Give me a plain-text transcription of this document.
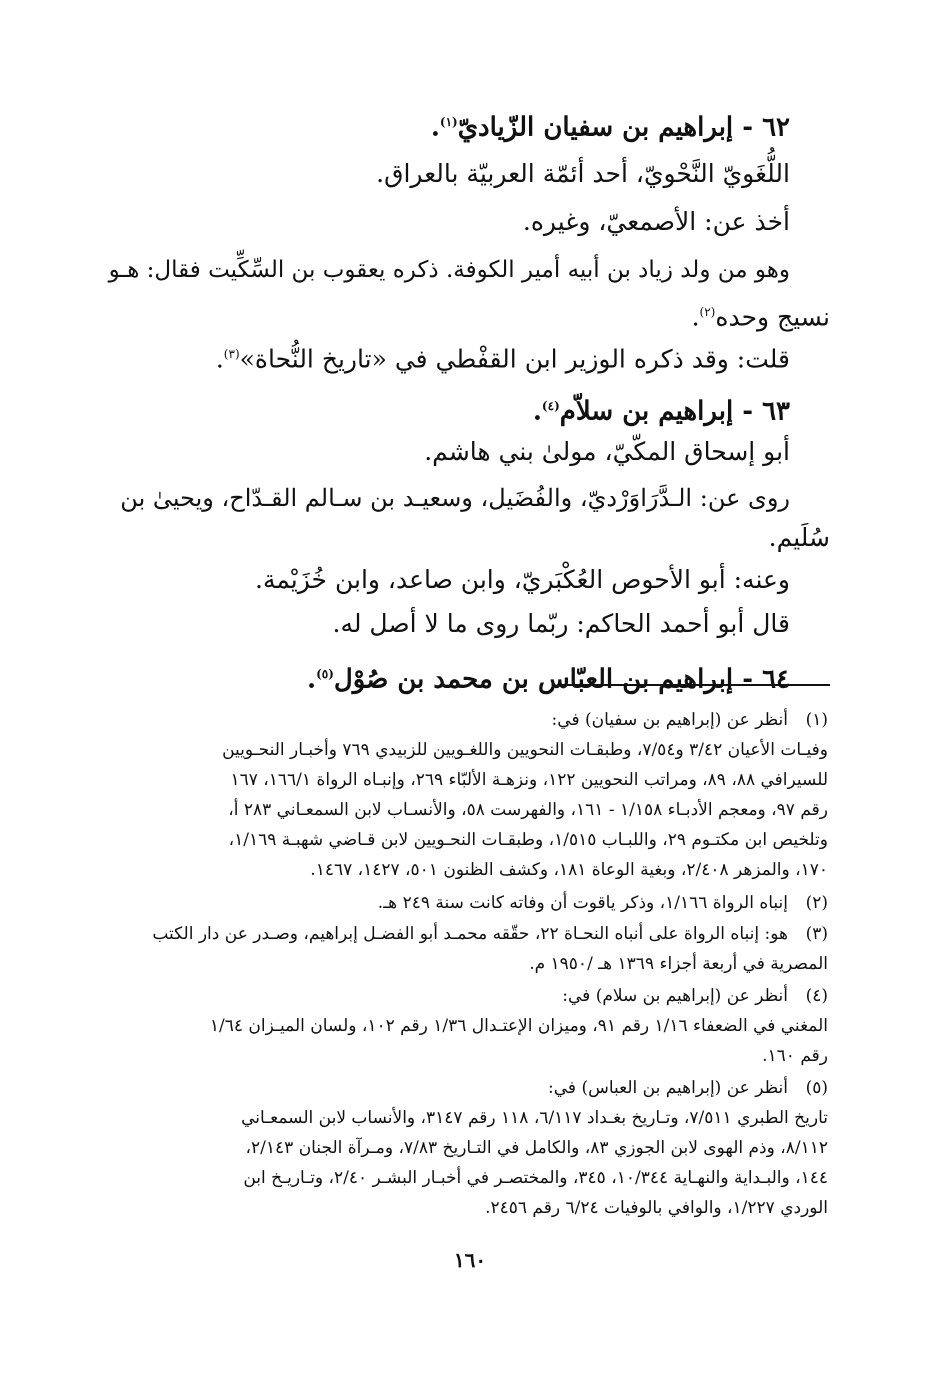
٦٢ - إبراهيم بن سفيان الزّياديّ$^{(١)}$.
اللُّغَويّ النَّحْويّ، أحد أئمّة العربيّة بالعراق.
أخذ عن: الأصمعيّ، وغيره.
وهو من ولد زياد بن أبيه أمير الكوفة. ذكره يعقوب بن السِّكِّيت فقال: هـو
نسيج وحده$^{(٢)}$.
قلت: وقد ذكره الوزير ابن القفْطي في «تاريخ النُّحاة»$^{(٣)}$.
٦٣ - إبراهيم بن سلاّم$^{(٤)}$.
أبو إسحاق المكّيّ، مولىٰ بني هاشم.
روى عن: الـدَّرَاوَرْديّ، والفُضَيل، وسعيـد بن سـالم القـدّاح، ويحيىٰ بن
سُلَيم.
وعنه: أبو الأحوص العُكْبَريّ، وابن صاعد، وابن خُزَيْمة.
قال أبو أحمد الحاكم: ربّما روى ما لا أصل له.
٦٤ - إبراهيم بن العبّاس بن محمد بن صُوْل$^{(٥)}$.
(١)أنظر عن (إبراهيم بن سفيان) في:
وفيـات الأعيان ٣/٤٢ و٧/٥٤، وطبقـات النحويين واللغـويين للزبيدي ٧٦٩ وأخبـار النحـويين
للسيرافي ٨٨، ٨٩، ومراتب النحويين ١٢٢، ونزهـة الألبّاء ٢٦٩، وإنبـاه الرواة ١٦٦/١، ١٦٧
رقم ٩٧، ومعجم الأدبـاء ١/١٥٨ - ١٦١، والفهرست ٥٨، والأنسـاب لابن السمعـاني ٢٨٣ أ،
وتلخيص ابن مكتـوم ٢٩، واللبـاب ١/٥١٥، وطبقـات النحـويين لابن قـاضي شهبـة ١/١٦٩،
١٧٠، والمزهر ٢/٤٠٨، وبغية الوعاة ١٨١، وكشف الظنون ٥٠١، ١٤٢٧، ١٤٦٧.
(٢)إنباه الرواة ١/١٦٦، وذكر ياقوت أن وفاته كانت سنة ٢٤٩ هـ.
(٣)هو: إنباه الرواة على أنباه النحـاة ٢٢، حقّقه محمـد أبو الفضـل إبراهيم، وصـدر عن دار الكتب
المصرية في أربعة أجزاء ١٣٦٩ هـ /١٩٥٠ م.
(٤)أنظر عن (إبراهيم بن سلام) في:
المغني في الضعفاء ١/١٦ رقم ٩١، وميزان الإعتـدال ١/٣٦ رقم ١٠٢، ولسان الميـزان ١/٦٤
رقم ١٦٠.
(٥)أنظر عن (إبراهيم بن العباس) في:
تاريخ الطبري ٧/٥١١، وتـاريخ بغـداد ٦/١١٧، ١١٨ رقم ٣١٤٧، والأنساب لابن السمعـاني
٨/١١٢، وذم الهوى لابن الجوزي ٨٣، والكامل في التـاريخ ٧/٨٣، ومـرآة الجنان ٢/١٤٣،
١٤٤، والبـداية والنهـاية ١٠/٣٤٤، ٣٤٥، والمختصـر في أخبـار البشـر ٢/٤٠، وتـاريـخ ابن
الوردي ١/٢٢٧، والوافي بالوفيات ٦/٢٤ رقم ٢٤٥٦.
١٦٠
